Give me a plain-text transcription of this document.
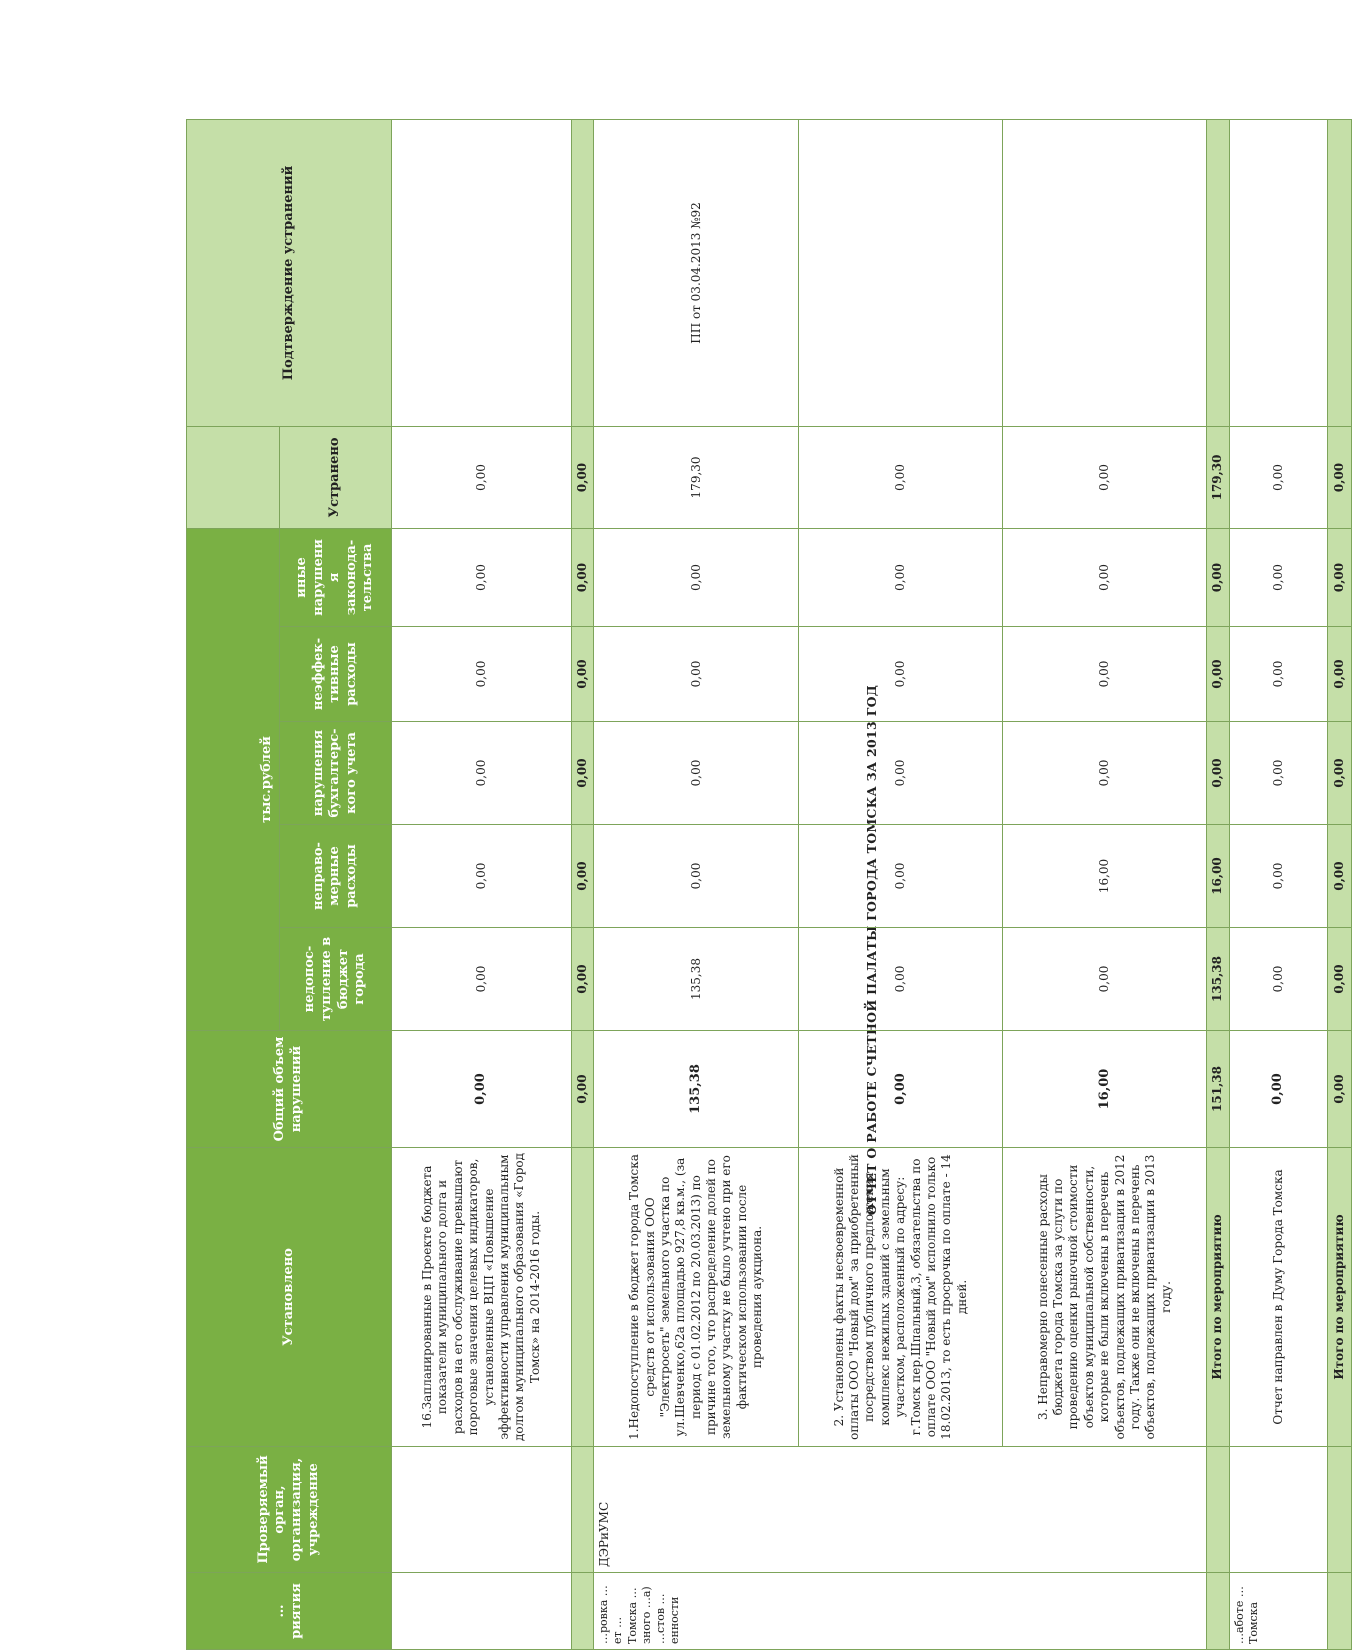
ОТЧЕТ О РАБОТЕ СЧЕТНОЙ ПАЛАТЫ ГОРОДА ТОМСКА ЗА 2013 ГОД
…риятия	Проверяемый орган, организация, учреждение	Установлено	Общий объем нарушений	тыс.рублей						Подтверждение устранений
				недопос-тупление в бюджет города	неправо-мерные расходы	нарушения бухгалтерс-кого учета	неэффек-тивные расходы	иные нарушени я законода-тельства	Устранено	
		16.Запланированные в Проекте бюджета показатели муниципального долга и расходов на его обслуживание превышают пороговые значения целевых индикаторов, установленные ВЦП «Повышение эффективности управления муниципальным долгом муниципального образования «Город Томск» на 2014-2016 годы.	0,00	0,00	0,00	0,00	0,00	0,00	0,00	
			0,00	0,00	0,00	0,00	0,00	0,00	0,00	
…ровка …ет …Томска …зного …а) …стов …енности	ДЭРиУМС	1.Недопоступление в бюджет города Томска средств от использования ООО "Электросеть" земельного участка по ул.Шевченко,62а площадью 927,8 кв.м., (за период с 01.02.2012 по 20.03.2013) по причине того, что распределение долей по земельному участку не было учтено при его фактическом использовании после проведения аукциона.	135,38	135,38	0,00	0,00	0,00	0,00	179,30	ПП от 03.04.2013 №92
		2. Установлены факты несвоевременной оплаты ООО "Новый дом" за приобретенный посредством публичного предложения комплекс нежилых зданий с земельным участком, расположенный по адресу: г.Томск пер.Шпальный,3, обязательства по оплате ООО "Новый дом" исполнило только 18.02.2013, то есть просрочка по оплате - 14 дней.	0,00	0,00	0,00	0,00	0,00	0,00	0,00	
		3. Неправомерно понесенные расходы бюджета города Томска за услуги по проведению оценки рыночной стоимости объектов муниципальной собственности, которые не были включены в перечень объектов, подлежащих приватизации в 2012 году. Также они не включены в перечень объектов, подлежащих приватизации в 2013 году.	16,00	0,00	16,00	0,00	0,00	0,00	0,00	
		Итого по мероприятию	151,38	135,38	16,00	0,00	0,00	0,00	179,30	
…аботе …Томска		Отчет направлен в Думу Города Томска	0,00	0,00	0,00	0,00	0,00	0,00	0,00	
		Итого по мероприятию	0,00	0,00	0,00	0,00	0,00	0,00	0,00	
